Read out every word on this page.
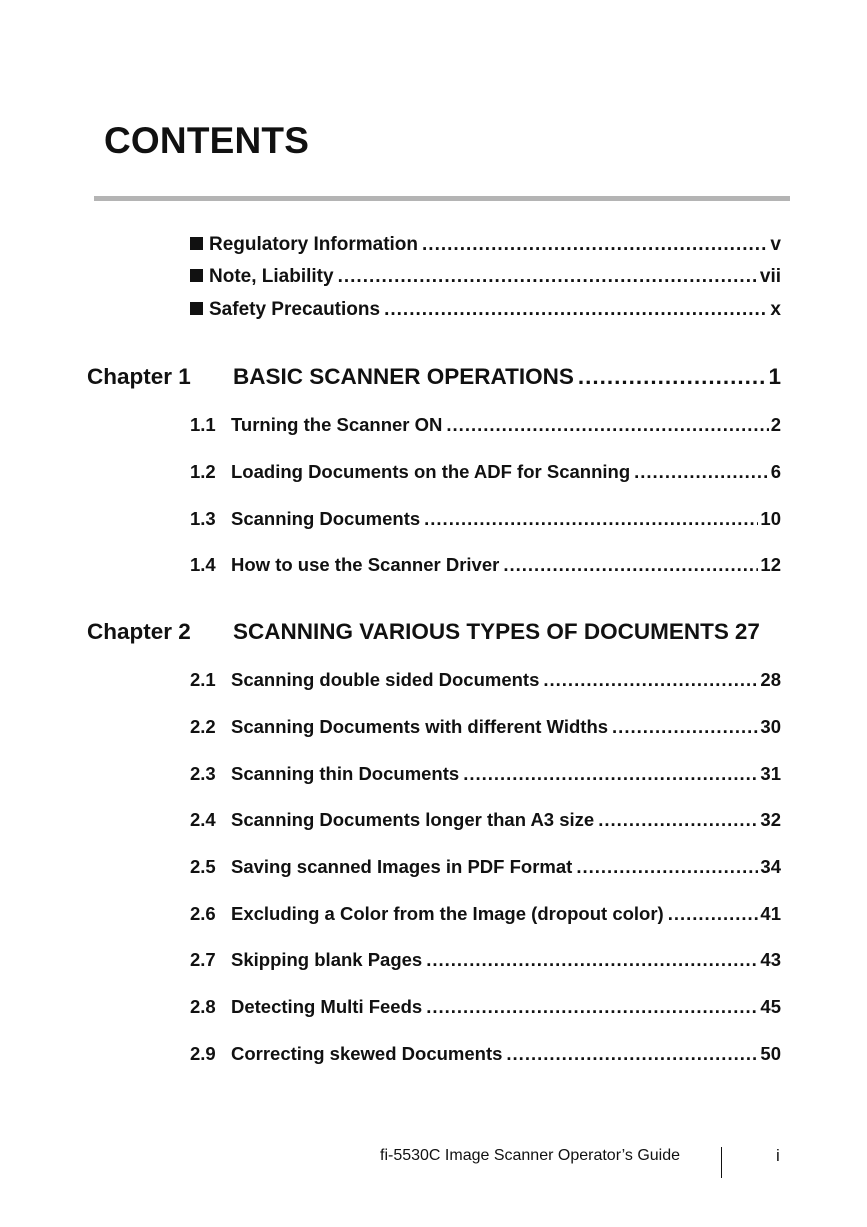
CONTENTS
Regulatory Information .....	v
Note, Liability .....	vii
Safety Precautions .....	x
Chapter 1	BASIC SCANNER OPERATIONS .....	1
1.1 Turning the Scanner ON .....	2
1.2 Loading Documents on the ADF for Scanning .....	6
1.3 Scanning Documents .....	10
1.4 How to use the Scanner Driver .....	12
Chapter 2	SCANNING VARIOUS TYPES OF DOCUMENTS 27
2.1 Scanning double sided Documents .....	28
2.2 Scanning Documents with different Widths .....	30
2.3 Scanning thin Documents .....	31
2.4 Scanning Documents longer than A3 size .....	32
2.5 Saving scanned Images in PDF Format .....	34
2.6 Excluding a Color from the Image (dropout color) .....	41
2.7 Skipping blank Pages .....	43
2.8 Detecting Multi Feeds .....	45
2.9 Correcting skewed Documents .....	50
fi-5530C Image Scanner Operator’s Guide	i
